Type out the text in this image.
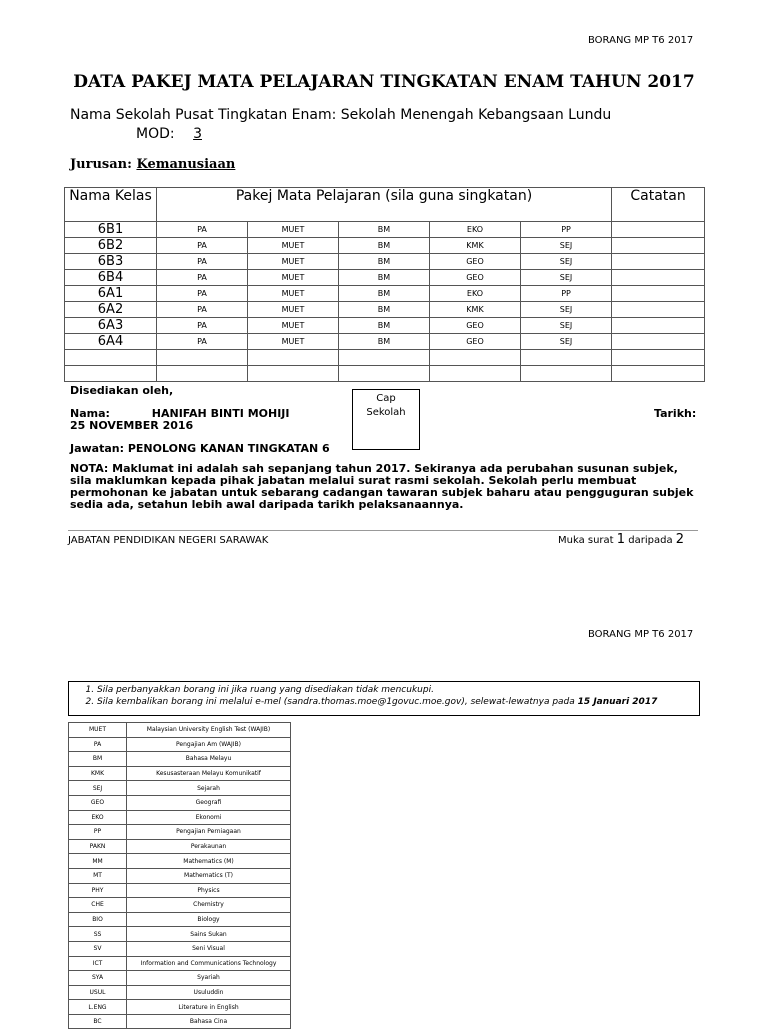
BORANG MP T6 2017
DATA PAKEJ MATA PELAJARAN TINGKATAN ENAM TAHUN 2017
Nama Sekolah Pusat Tingkatan Enam: Sekolah Menengah Kebangsaan Lundu
MOD: 3
Jurusan: Kemanusiaan
Nama Kelas	Pakej Mata Pelajaran (sila guna singkatan)					Catatan
6B1	PA	MUET	BM	EKO	PP	
6B2	PA	MUET	BM	KMK	SEJ	
6B3	PA	MUET	BM	GEO	SEJ	
6B4	PA	MUET	BM	GEO	SEJ	
6A1	PA	MUET	BM	EKO	PP	
6A2	PA	MUET	BM	KMK	SEJ	
6A3	PA	MUET	BM	GEO	SEJ	
6A4	PA	MUET	BM	GEO	SEJ	

Disediakan oleh,
Nama:	HANIFAH BINTI MOHIJI
25 NOVEMBER 2016
Cap
Sekolah	Tarikh:
Jawatan: PENOLONG KANAN TINGKATAN 6
NOTA: Maklumat ini adalah sah sepanjang tahun 2017. Sekiranya ada perubahan susunan subjek, sila maklumkan kepada pihak jabatan melalui surat rasmi sekolah. Sekolah perlu membuat permohonan ke jabatan untuk sebarang cadangan tawaran subjek baharu atau pengguguran subjek sedia ada, setahun lebih awal daripada tarikh pelaksanaannya.
JABATAN PENDIDIKAN NEGERI SARAWAK	Muka surat 1 daripada 2
BORANG MP T6 2017
1. Sila perbanyakkan borang ini jika ruang yang disediakan tidak mencukupi.
2. Sila kembalikan borang ini melalui e-mel (sandra.thomas.moe@1govuc.moe.gov), selewat-lewatnya pada 15 Januari 2017
MUET	Malaysian University English Test (WAJIB)
PA	Pengajian Am (WAJIB)
BM	Bahasa Melayu
KMK	Kesusasteraan Melayu Komunikatif
SEJ	Sejarah
GEO	Geografi
EKO	Ekonomi
PP	Pengajian Perniagaan
PAKN	Perakaunan
MM	Mathematics (M)
MT	Mathematics (T)
PHY	Physics
CHE	Chemistry
BIO	Biology
SS	Sains Sukan
SV	Seni Visual
ICT	Information and Communications Technology
SYA	Syariah
USUL	Usuluddin
L.ENG	Literature in English
BC	Bahasa Cina
